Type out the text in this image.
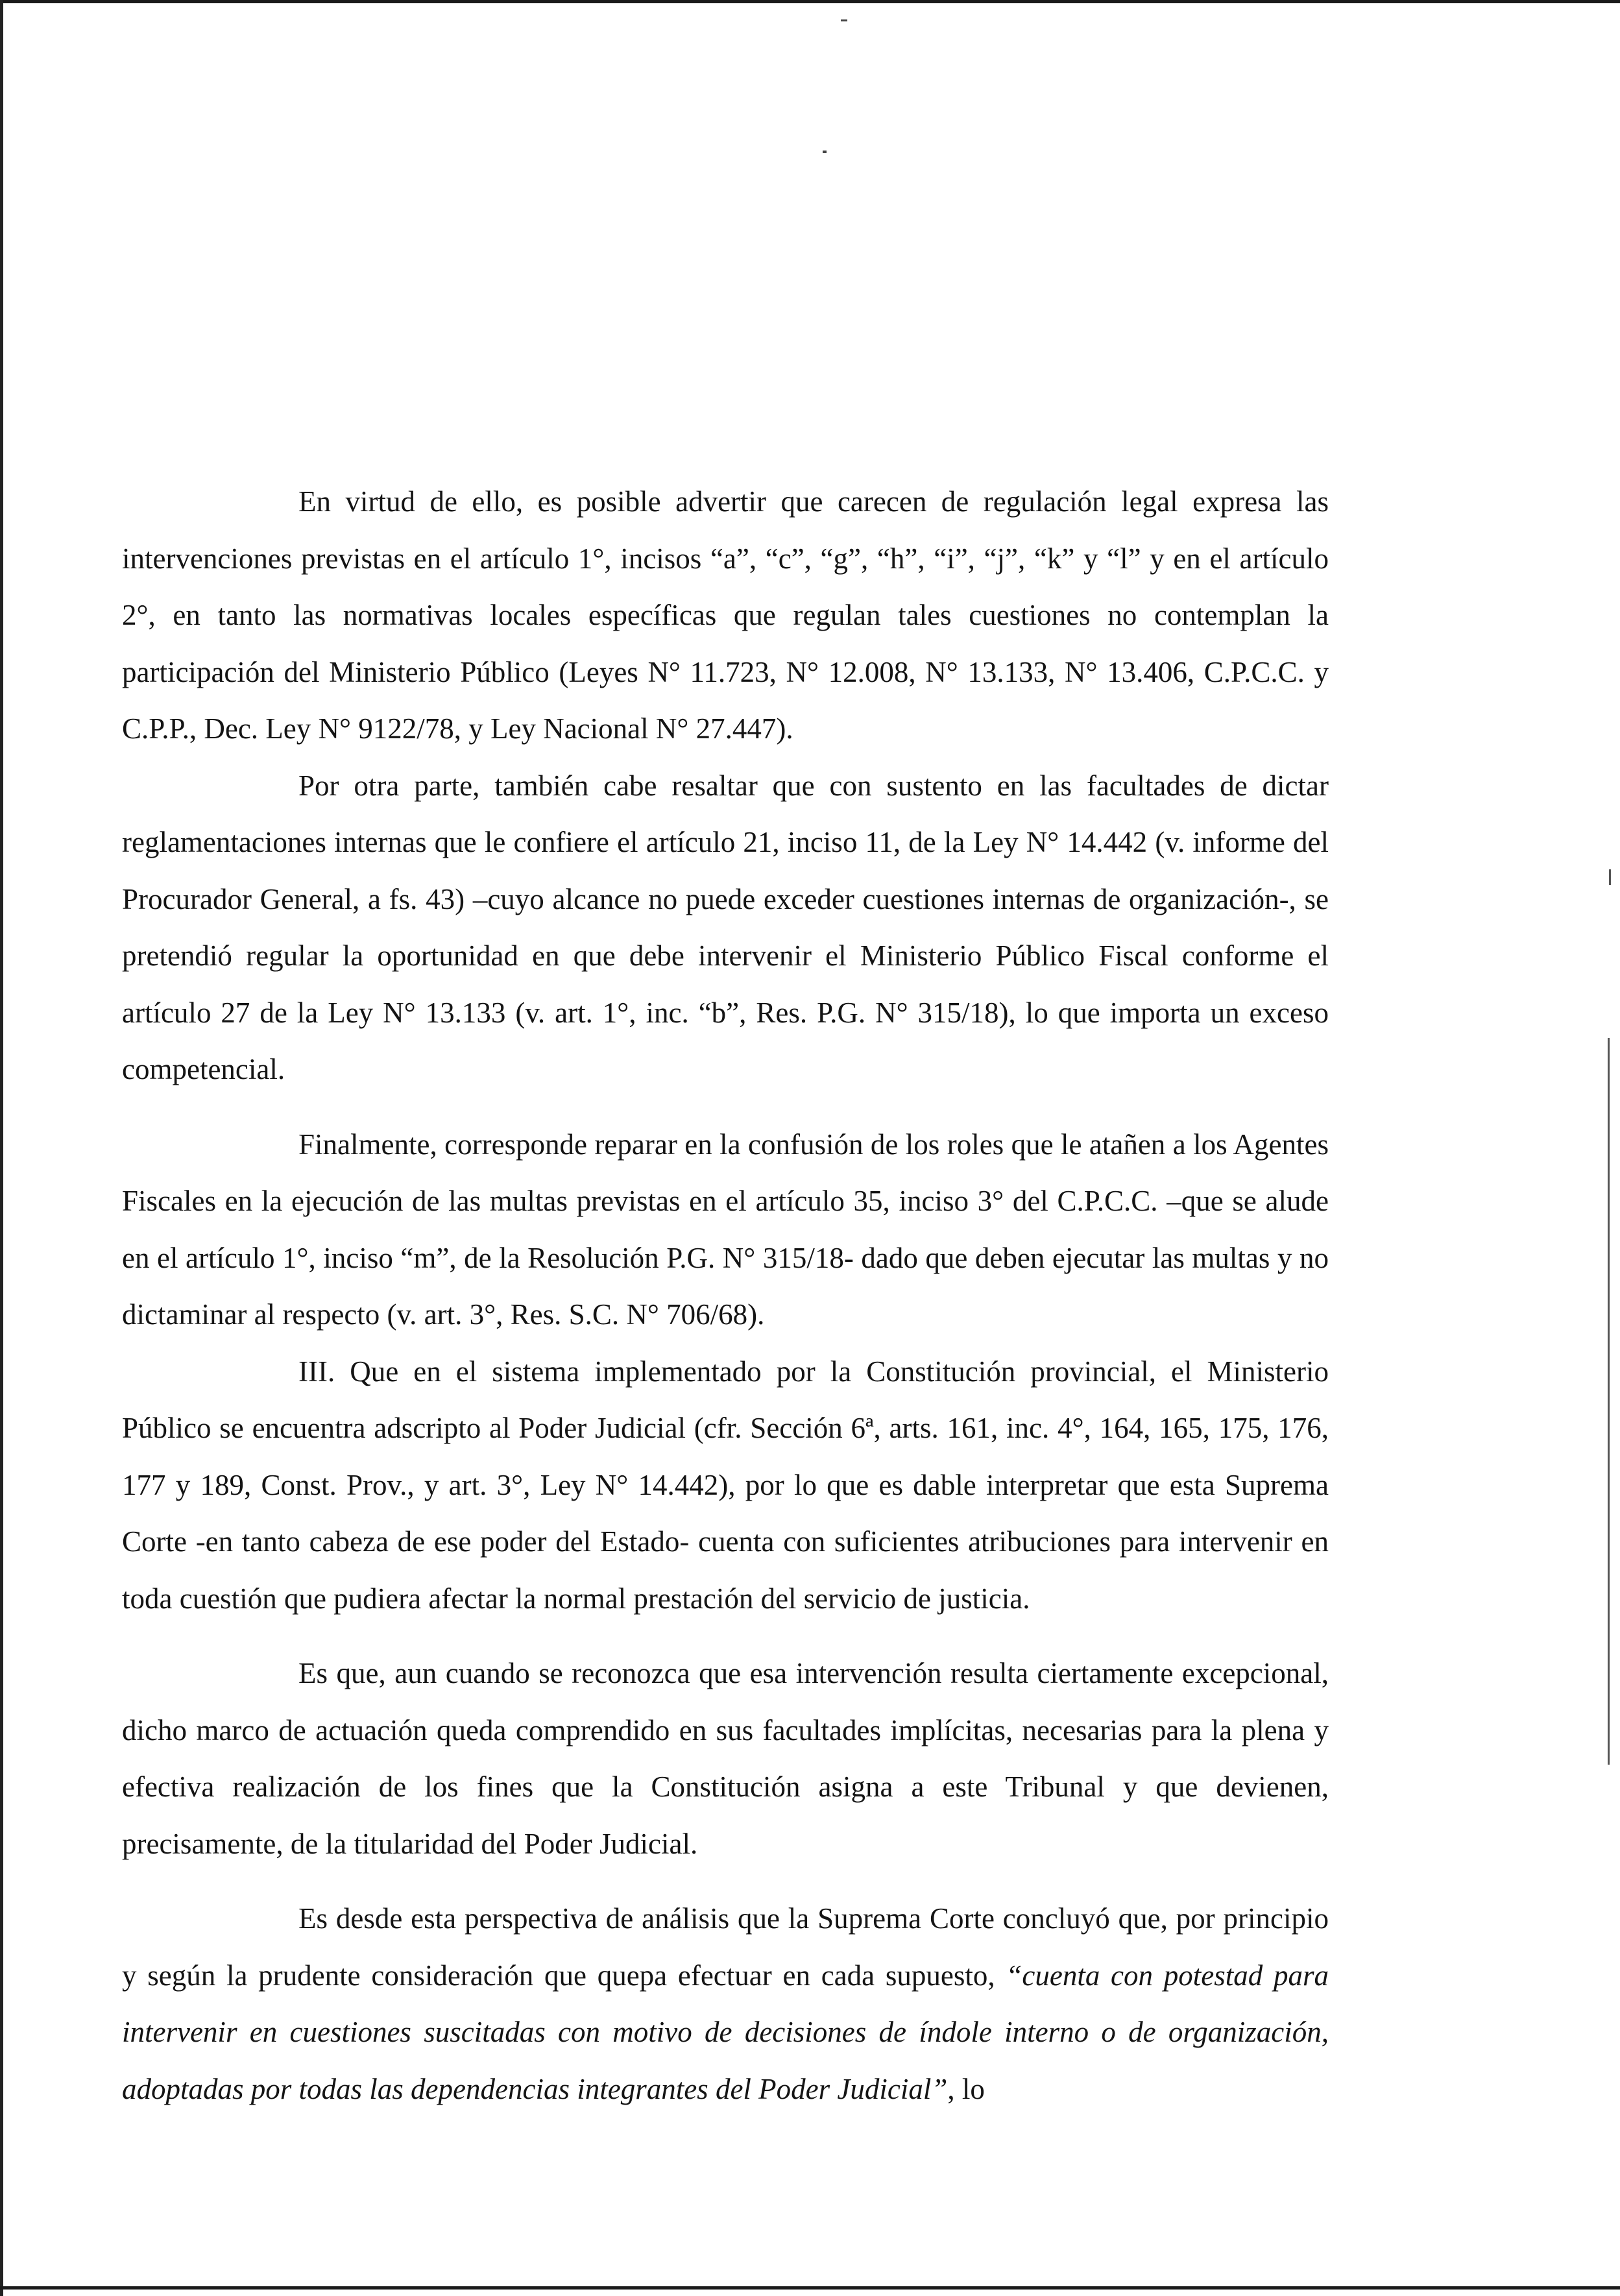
En virtud de ello, es posible advertir que carecen de regulación legal expresa las intervenciones previstas en el artículo 1°, incisos “a”, “c”, “g”, “h”, “i”, “j”, “k” y “l” y en el artículo 2°, en tanto las normativas locales específicas que regulan tales cuestiones no contemplan la participación del Ministerio Público (Leyes N° 11.723, N° 12.008, N° 13.133, N° 13.406, C.P.C.C. y C.P.P., Dec. Ley N° 9122/78, y Ley Nacional N° 27.447).

Por otra parte, también cabe resaltar que con sustento en las facultades de dictar reglamentaciones internas que le confiere el artículo 21, inciso 11, de la Ley N° 14.442 (v. informe del Procurador General, a fs. 43) –cuyo alcance no puede exceder cuestiones internas de organización-, se pretendió regular la oportunidad en que debe intervenir el Ministerio Público Fiscal conforme el artículo 27 de la Ley N° 13.133 (v. art. 1°, inc. “b”, Res. P.G. N° 315/18), lo que importa un exceso competencial.

Finalmente, corresponde reparar en la confusión de los roles que le atañen a los Agentes Fiscales en la ejecución de las multas previstas en el artículo 35, inciso 3° del C.P.C.C. –que se alude en el artículo 1°, inciso “m”, de la Resolución P.G. N° 315/18- dado que deben ejecutar las multas y no dictaminar al respecto (v. art. 3°, Res. S.C. N° 706/68).

III. Que en el sistema implementado por la Constitución provincial, el Ministerio Público se encuentra adscripto al Poder Judicial (cfr. Sección 6ª, arts. 161, inc. 4°, 164, 165, 175, 176, 177 y 189, Const. Prov., y art. 3°, Ley N° 14.442), por lo que es dable interpretar que esta Suprema Corte -en tanto cabeza de ese poder del Estado- cuenta con suficientes atribuciones para intervenir en toda cuestión que pudiera afectar la normal prestación del servicio de justicia.

Es que, aun cuando se reconozca que esa intervención resulta ciertamente excepcional, dicho marco de actuación queda comprendido en sus facultades implícitas, necesarias para la plena y efectiva realización de los fines que la Constitución asigna a este Tribunal y que devienen, precisamente, de la titularidad del Poder Judicial.

Es desde esta perspectiva de análisis que la Suprema Corte concluyó que, por principio y según la prudente consideración que quepa efectuar en cada supuesto, “cuenta con potestad para intervenir en cuestiones suscitadas con motivo de decisiones de índole interno o de organización, adoptadas por todas las dependencias integrantes del Poder Judicial”, lo
